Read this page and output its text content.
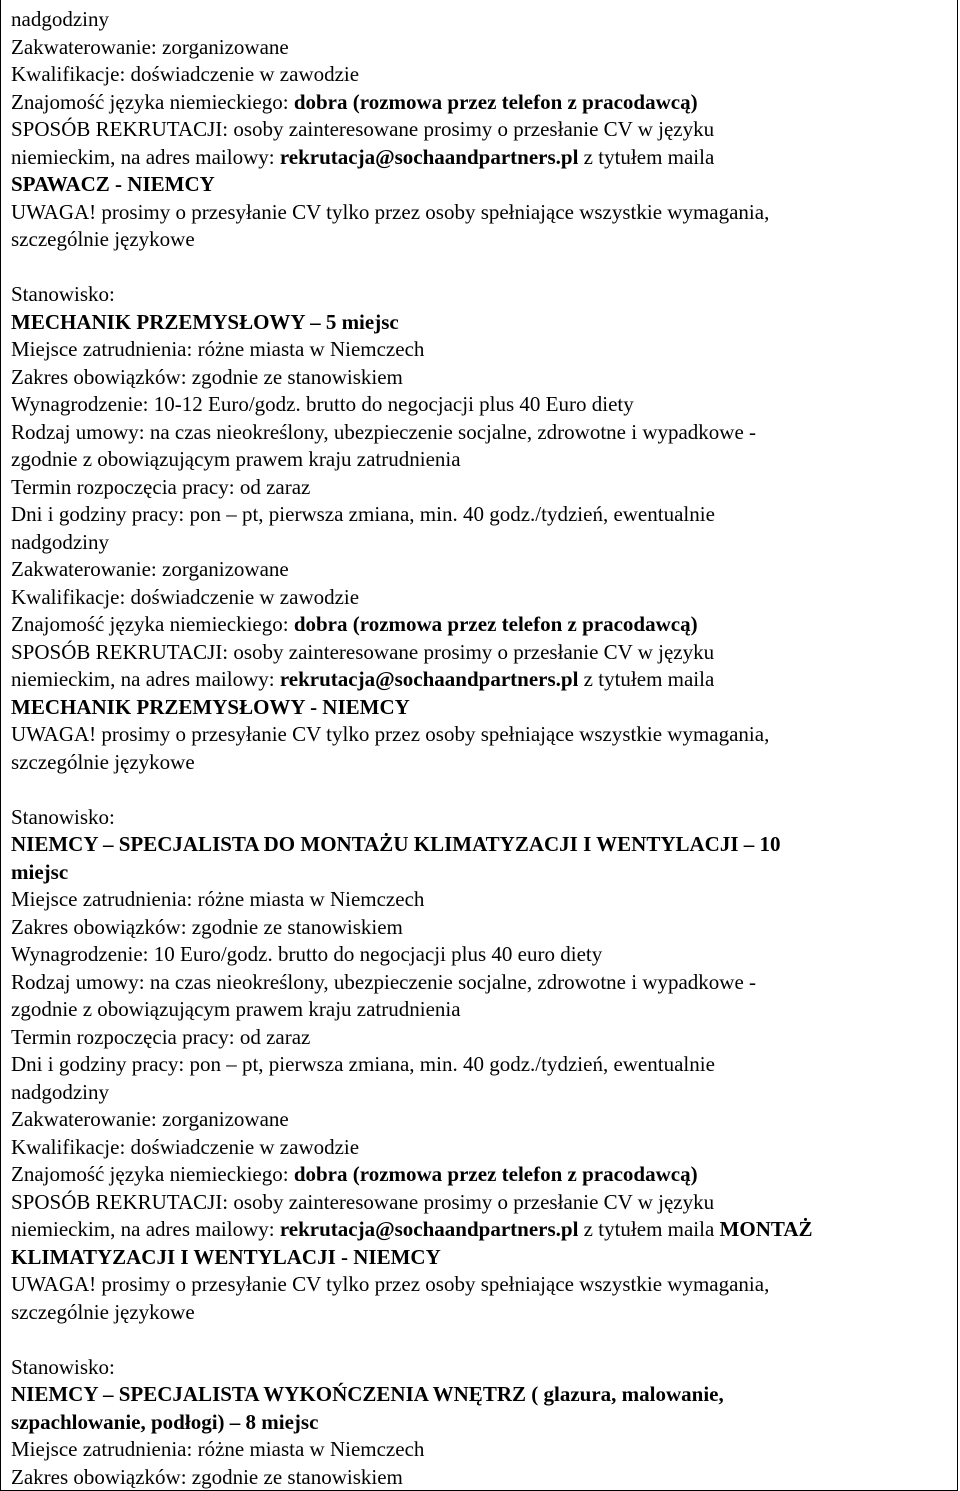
nadgodziny
Zakwaterowanie: zorganizowane
Kwalifikacje: doświadczenie w zawodzie
Znajomość języka niemieckiego: dobra (rozmowa przez telefon z pracodawcą)
SPOSÓB REKRUTACJI: osoby zainteresowane prosimy o przesłanie CV w języku
niemieckim, na adres mailowy: rekrutacja@sochaandpartners.pl z tytułem maila
SPAWACZ - NIEMCY
UWAGA! prosimy o przesyłanie CV tylko przez osoby spełniające wszystkie wymagania,
szczególnie językowe
Stanowisko:
MECHANIK PRZEMYSŁOWY – 5 miejsc
Miejsce zatrudnienia: różne miasta w Niemczech
Zakres obowiązków: zgodnie ze stanowiskiem
Wynagrodzenie: 10-12 Euro/godz. brutto do negocjacji plus 40 Euro diety
Rodzaj umowy: na czas nieokreślony, ubezpieczenie socjalne, zdrowotne i wypadkowe -
zgodnie z obowiązującym prawem kraju zatrudnienia
Termin rozpoczęcia pracy: od zaraz
Dni i godziny pracy: pon – pt, pierwsza zmiana, min. 40 godz./tydzień, ewentualnie
nadgodziny
Zakwaterowanie: zorganizowane
Kwalifikacje: doświadczenie w zawodzie
Znajomość języka niemieckiego: dobra (rozmowa przez telefon z pracodawcą)
SPOSÓB REKRUTACJI: osoby zainteresowane prosimy o przesłanie CV w języku
niemieckim, na adres mailowy: rekrutacja@sochaandpartners.pl z tytułem maila
MECHANIK PRZEMYSŁOWY - NIEMCY
UWAGA! prosimy o przesyłanie CV tylko przez osoby spełniające wszystkie wymagania,
szczególnie językowe
Stanowisko:
NIEMCY – SPECJALISTA DO MONTAŻU KLIMATYZACJI I WENTYLACJI – 10
miejsc
Miejsce zatrudnienia: różne miasta w Niemczech
Zakres obowiązków: zgodnie ze stanowiskiem
Wynagrodzenie: 10 Euro/godz. brutto do negocjacji plus 40 euro diety
Rodzaj umowy: na czas nieokreślony, ubezpieczenie socjalne, zdrowotne i wypadkowe -
zgodnie z obowiązującym prawem kraju zatrudnienia
Termin rozpoczęcia pracy: od zaraz
Dni i godziny pracy: pon – pt, pierwsza zmiana, min. 40 godz./tydzień, ewentualnie
nadgodziny
Zakwaterowanie: zorganizowane
Kwalifikacje: doświadczenie w zawodzie
Znajomość języka niemieckiego: dobra (rozmowa przez telefon z pracodawcą)
SPOSÓB REKRUTACJI: osoby zainteresowane prosimy o przesłanie CV w języku
niemieckim, na adres mailowy: rekrutacja@sochaandpartners.pl z tytułem maila MONTAŻ
KLIMATYZACJI I WENTYLACJI - NIEMCY
UWAGA! prosimy o przesyłanie CV tylko przez osoby spełniające wszystkie wymagania,
szczególnie językowe
Stanowisko:
NIEMCY – SPECJALISTA WYKOŃCZENIA WNĘTRZ ( glazura, malowanie,
szpachlowanie, podłogi) – 8 miejsc
Miejsce zatrudnienia: różne miasta w Niemczech
Zakres obowiązków: zgodnie ze stanowiskiem
